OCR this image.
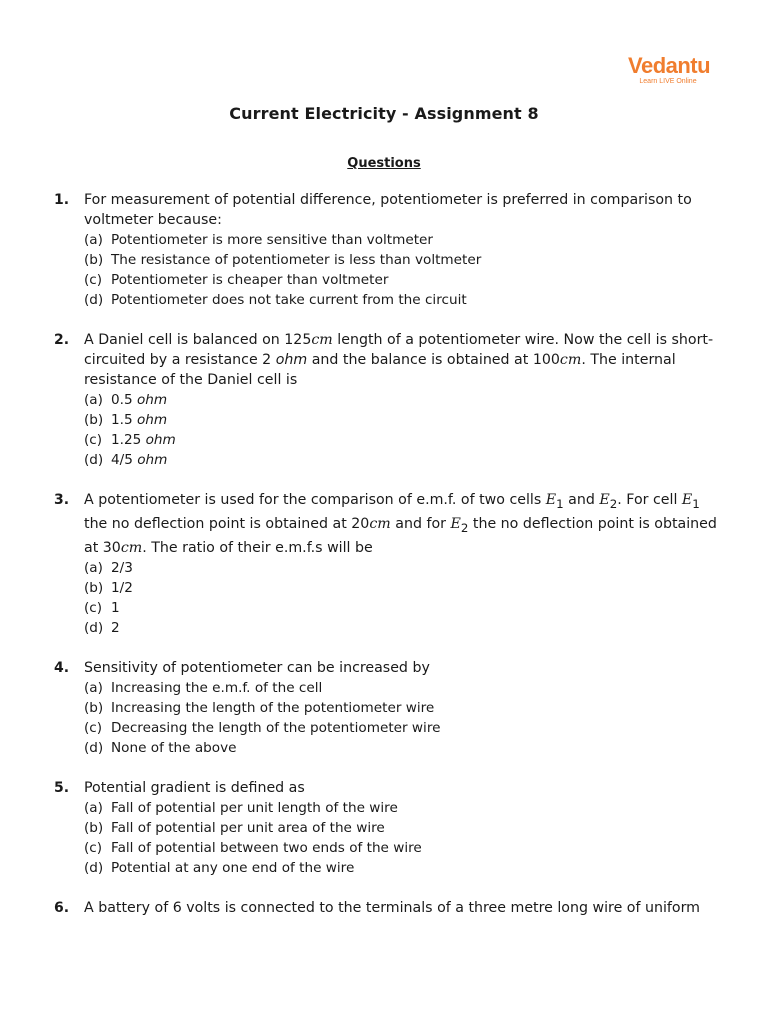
Vedantu
Learn LIVE Online
Current Electricity - Assignment 8
Questions
1.	For measurement of potential difference, potentiometer is preferred in comparison to voltmeter because:
(a) Potentiometer is more sensitive than voltmeter
(b) The resistance of potentiometer is less than voltmeter
(c) Potentiometer is cheaper than voltmeter
(d) Potentiometer does not take current from the circuit
2.	A Daniel cell is balanced on 125cm length of a potentiometer wire. Now the cell is short-circuited by a resistance 2 ohm and the balance is obtained at 100cm. The internal resistance of the Daniel cell is
(a) 0.5 ohm
(b) 1.5 ohm
(c) 1.25 ohm
(d) 4/5 ohm
3.	A potentiometer is used for the comparison of e.m.f. of two cells $E_1$ and $E_2$. For cell $E_1$ the no deflection point is obtained at 20cm and for $E_2$ the no deflection point is obtained at 30cm. The ratio of their e.m.f.s will be
(a) 2/3
(b) 1/2
(c) 1
(d) 2
4.	Sensitivity of potentiometer can be increased by
(a) Increasing the e.m.f. of the cell
(b) Increasing the length of the potentiometer wire
(c) Decreasing the length of the potentiometer wire
(d) None of the above
5.	Potential gradient is defined as
(a) Fall of potential per unit length of the wire
(b) Fall of potential per unit area of the wire
(c) Fall of potential between two ends of the wire
(d) Potential at any one end of the wire
6.	A battery of 6 volts is connected to the terminals of a three metre long wire of uniform
